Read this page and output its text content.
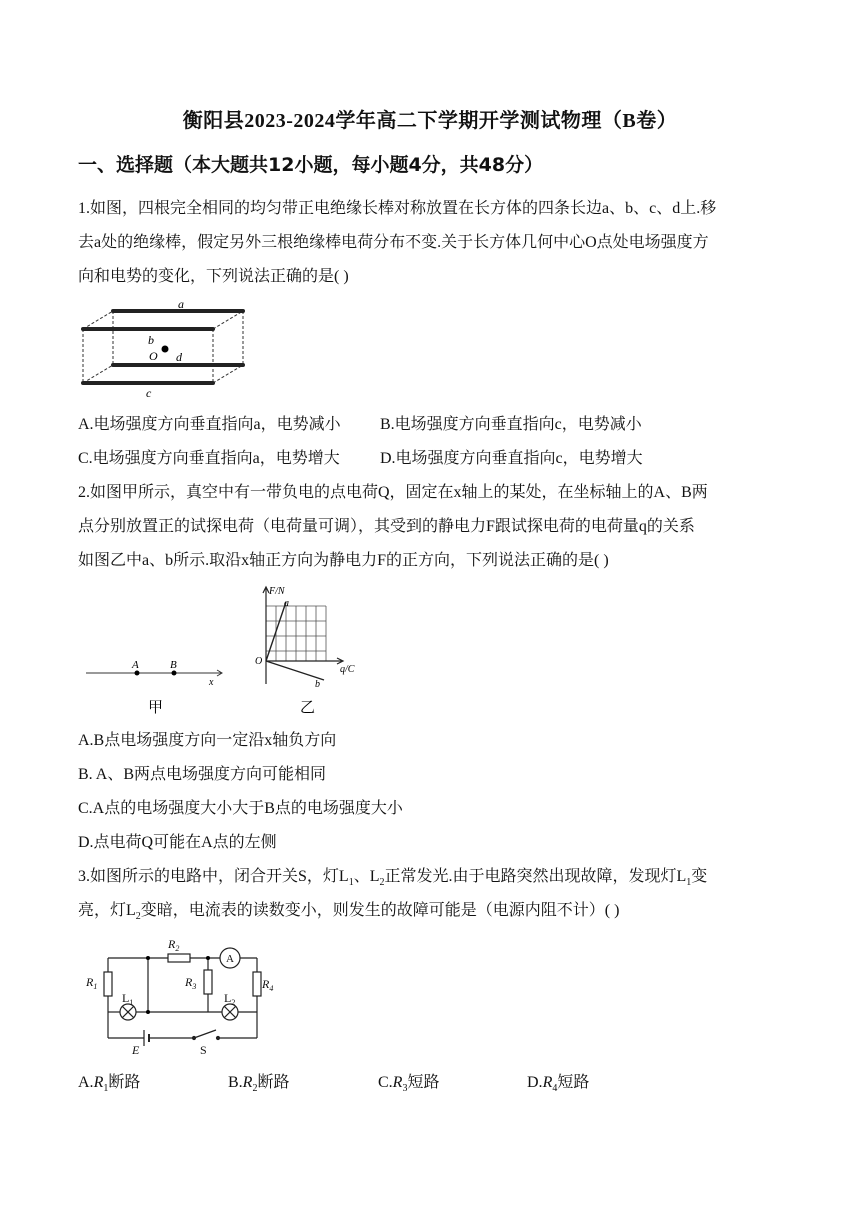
衡阳县2023-2024学年高二下学期开学测试物理（B卷）
一、选择题（本大题共12小题，每小题4分，共48分）
1.如图，四根完全相同的均匀带正电绝缘长棒对称放置在长方体的四条长边a、b、c、d上.移
去a处的绝缘棒，假定另外三根绝缘棒电荷分布不变.关于长方体几何中心O点处电场强度方
向和电势的变化，下列说法正确的是( )
a
b
O d
c
A.电场强度方向垂直指向a，电势减小 B.电场强度方向垂直指向c，电势减小
C.电场强度方向垂直指向a，电势增大	D.电场强度方向垂直指向c，电势增大
2.如图甲所示，真空中有一带负电的点电荷Q，固定在x轴上的某处，在坐标轴上的A、B两
点分别放置正的试探电荷（电荷量可调），其受到的静电力F跟试探电荷的电荷量q的关系
如图乙中a、b所示.取沿x轴正方向为静电力F的正方向，下列说法正确的是( )
A	B
x
甲
F/N
a
O
q/C
b
乙
A.B点电场强度方向一定沿x轴负方向
B. A、B两点电场强度方向可能相同
C.A点的电场强度大小大于B点的电场强度大小
D.点电荷Q可能在A点的左侧
3.如图所示的电路中，闭合开关S，灯$L_1$、$L_2$正常发光.由于电路突然出现故障，发现灯$L_1$变
亮，灯$L_2$变暗，电流表的读数变小，则发生的故障可能是（电源内阻不计）( )
$R_1$
$R_2$
$R_3$	$R_4$
$L_1$	$L_2$
A
E	S
$A.R_1$断路	$B.R_2$断路	$C.R_3$短路	$D.R_4$短路
